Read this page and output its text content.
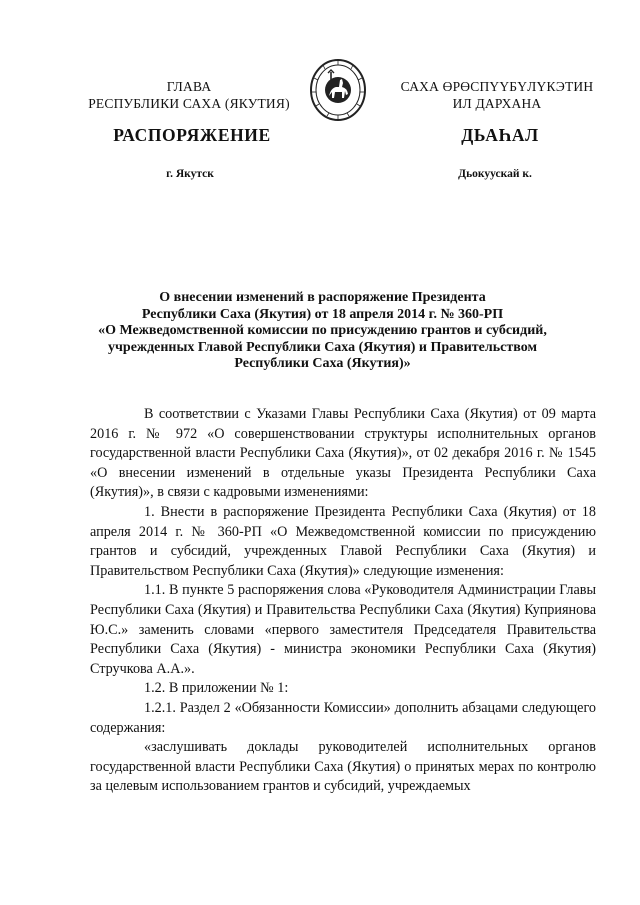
ГЛАВА
РЕСПУБЛИКИ САХА (ЯКУТИЯ)
САХА ӨРӨСПҮҮБҮЛҮКЭТИН
ИЛ ДАРХАНА
РАСПОРЯЖЕНИЕ	ДЬАҺАЛ
г. Якутск	Дьокуускай к.
О внесении изменений в распоряжение Президента
Республики Саха (Якутия) от 18 апреля 2014 г. № 360-РП
«О Межведомственной комиссии по присуждению грантов и субсидий,
учрежденных Главой Республики Саха (Якутия) и Правительством
Республики Саха (Якутия)»

В соответствии с Указами Главы Республики Саха (Якутия) от 09 марта 2016 г. № 972 «О совершенствовании структуры исполнительных органов государственной власти Республики Саха (Якутия)», от 02 декабря 2016 г. № 1545 «О внесении изменений в отдельные указы Президента Республики Саха (Якутия)», в связи с кадровыми изменениями:

1. Внести в распоряжение Президента Республики Саха (Якутия) от 18 апреля 2014 г. № 360-РП «О Межведомственной комиссии по присуждению грантов и субсидий, учрежденных Главой Республики Саха (Якутия) и Правительством Республики Саха (Якутия)» следующие изменения:

1.1. В пункте 5 распоряжения слова «Руководителя Администрации Главы Республики Саха (Якутия) и Правительства Республики Саха (Якутия) Куприянова Ю.С.» заменить словами «первого заместителя Председателя Правительства Республики Саха (Якутия) - министра экономики Республики Саха (Якутия) Стручкова А.А.».

1.2. В приложении № 1:

1.2.1. Раздел 2 «Обязанности Комиссии» дополнить абзацами следующего содержания:

«заслушивать доклады руководителей исполнительных органов государственной власти Республики Саха (Якутия) о принятых мерах по контролю за целевым использованием грантов и субсидий, учреждаемых
